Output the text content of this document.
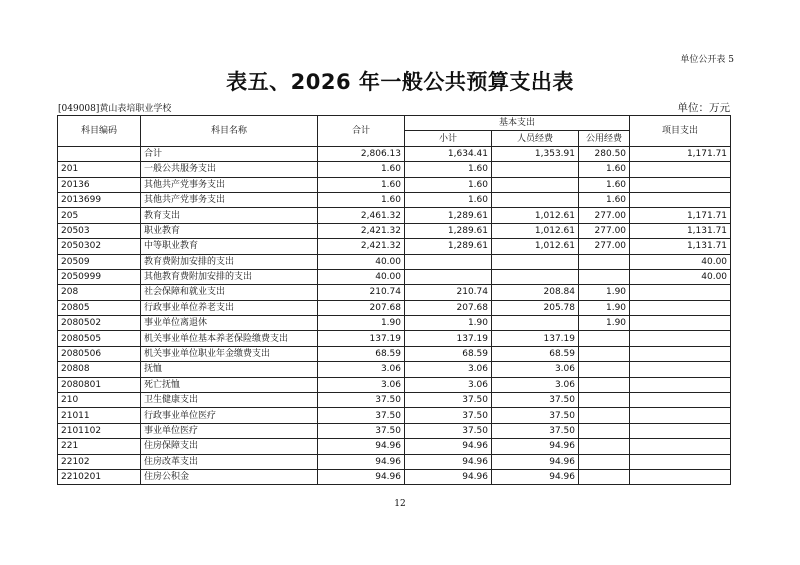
单位公开表 5
表五、2026 年一般公共预算支出表
[049008]黄山表培职业学校	单位：万元
科目编码	科目名称	合计	基本支出			项目支出
			小计	人员经费	公用经费	
	合计	2,806.13	1,634.41	1,353.91	280.50	1,171.71
201	一般公共服务支出	1.60	1.60		1.60	
20136	其他共产党事务支出	1.60	1.60		1.60	
2013699	其他共产党事务支出	1.60	1.60		1.60	
205	教育支出	2,461.32	1,289.61	1,012.61	277.00	1,171.71
20503	职业教育	2,421.32	1,289.61	1,012.61	277.00	1,131.71
2050302	中等职业教育	2,421.32	1,289.61	1,012.61	277.00	1,131.71
20509	教育费附加安排的支出	40.00				40.00
2050999	其他教育费附加安排的支出	40.00				40.00
208	社会保障和就业支出	210.74	210.74	208.84	1.90	
20805	行政事业单位养老支出	207.68	207.68	205.78	1.90	
2080502	事业单位离退休	1.90	1.90		1.90	
2080505	机关事业单位基本养老保险缴费支出	137.19	137.19	137.19		
2080506	机关事业单位职业年金缴费支出	68.59	68.59	68.59		
20808	抚恤	3.06	3.06	3.06		
2080801	死亡抚恤	3.06	3.06	3.06		
210	卫生健康支出	37.50	37.50	37.50		
21011	行政事业单位医疗	37.50	37.50	37.50		
2101102	事业单位医疗	37.50	37.50	37.50		
221	住房保障支出	94.96	94.96	94.96		
22102	住房改革支出	94.96	94.96	94.96		
2210201	住房公积金	94.96	94.96	94.96		
12
